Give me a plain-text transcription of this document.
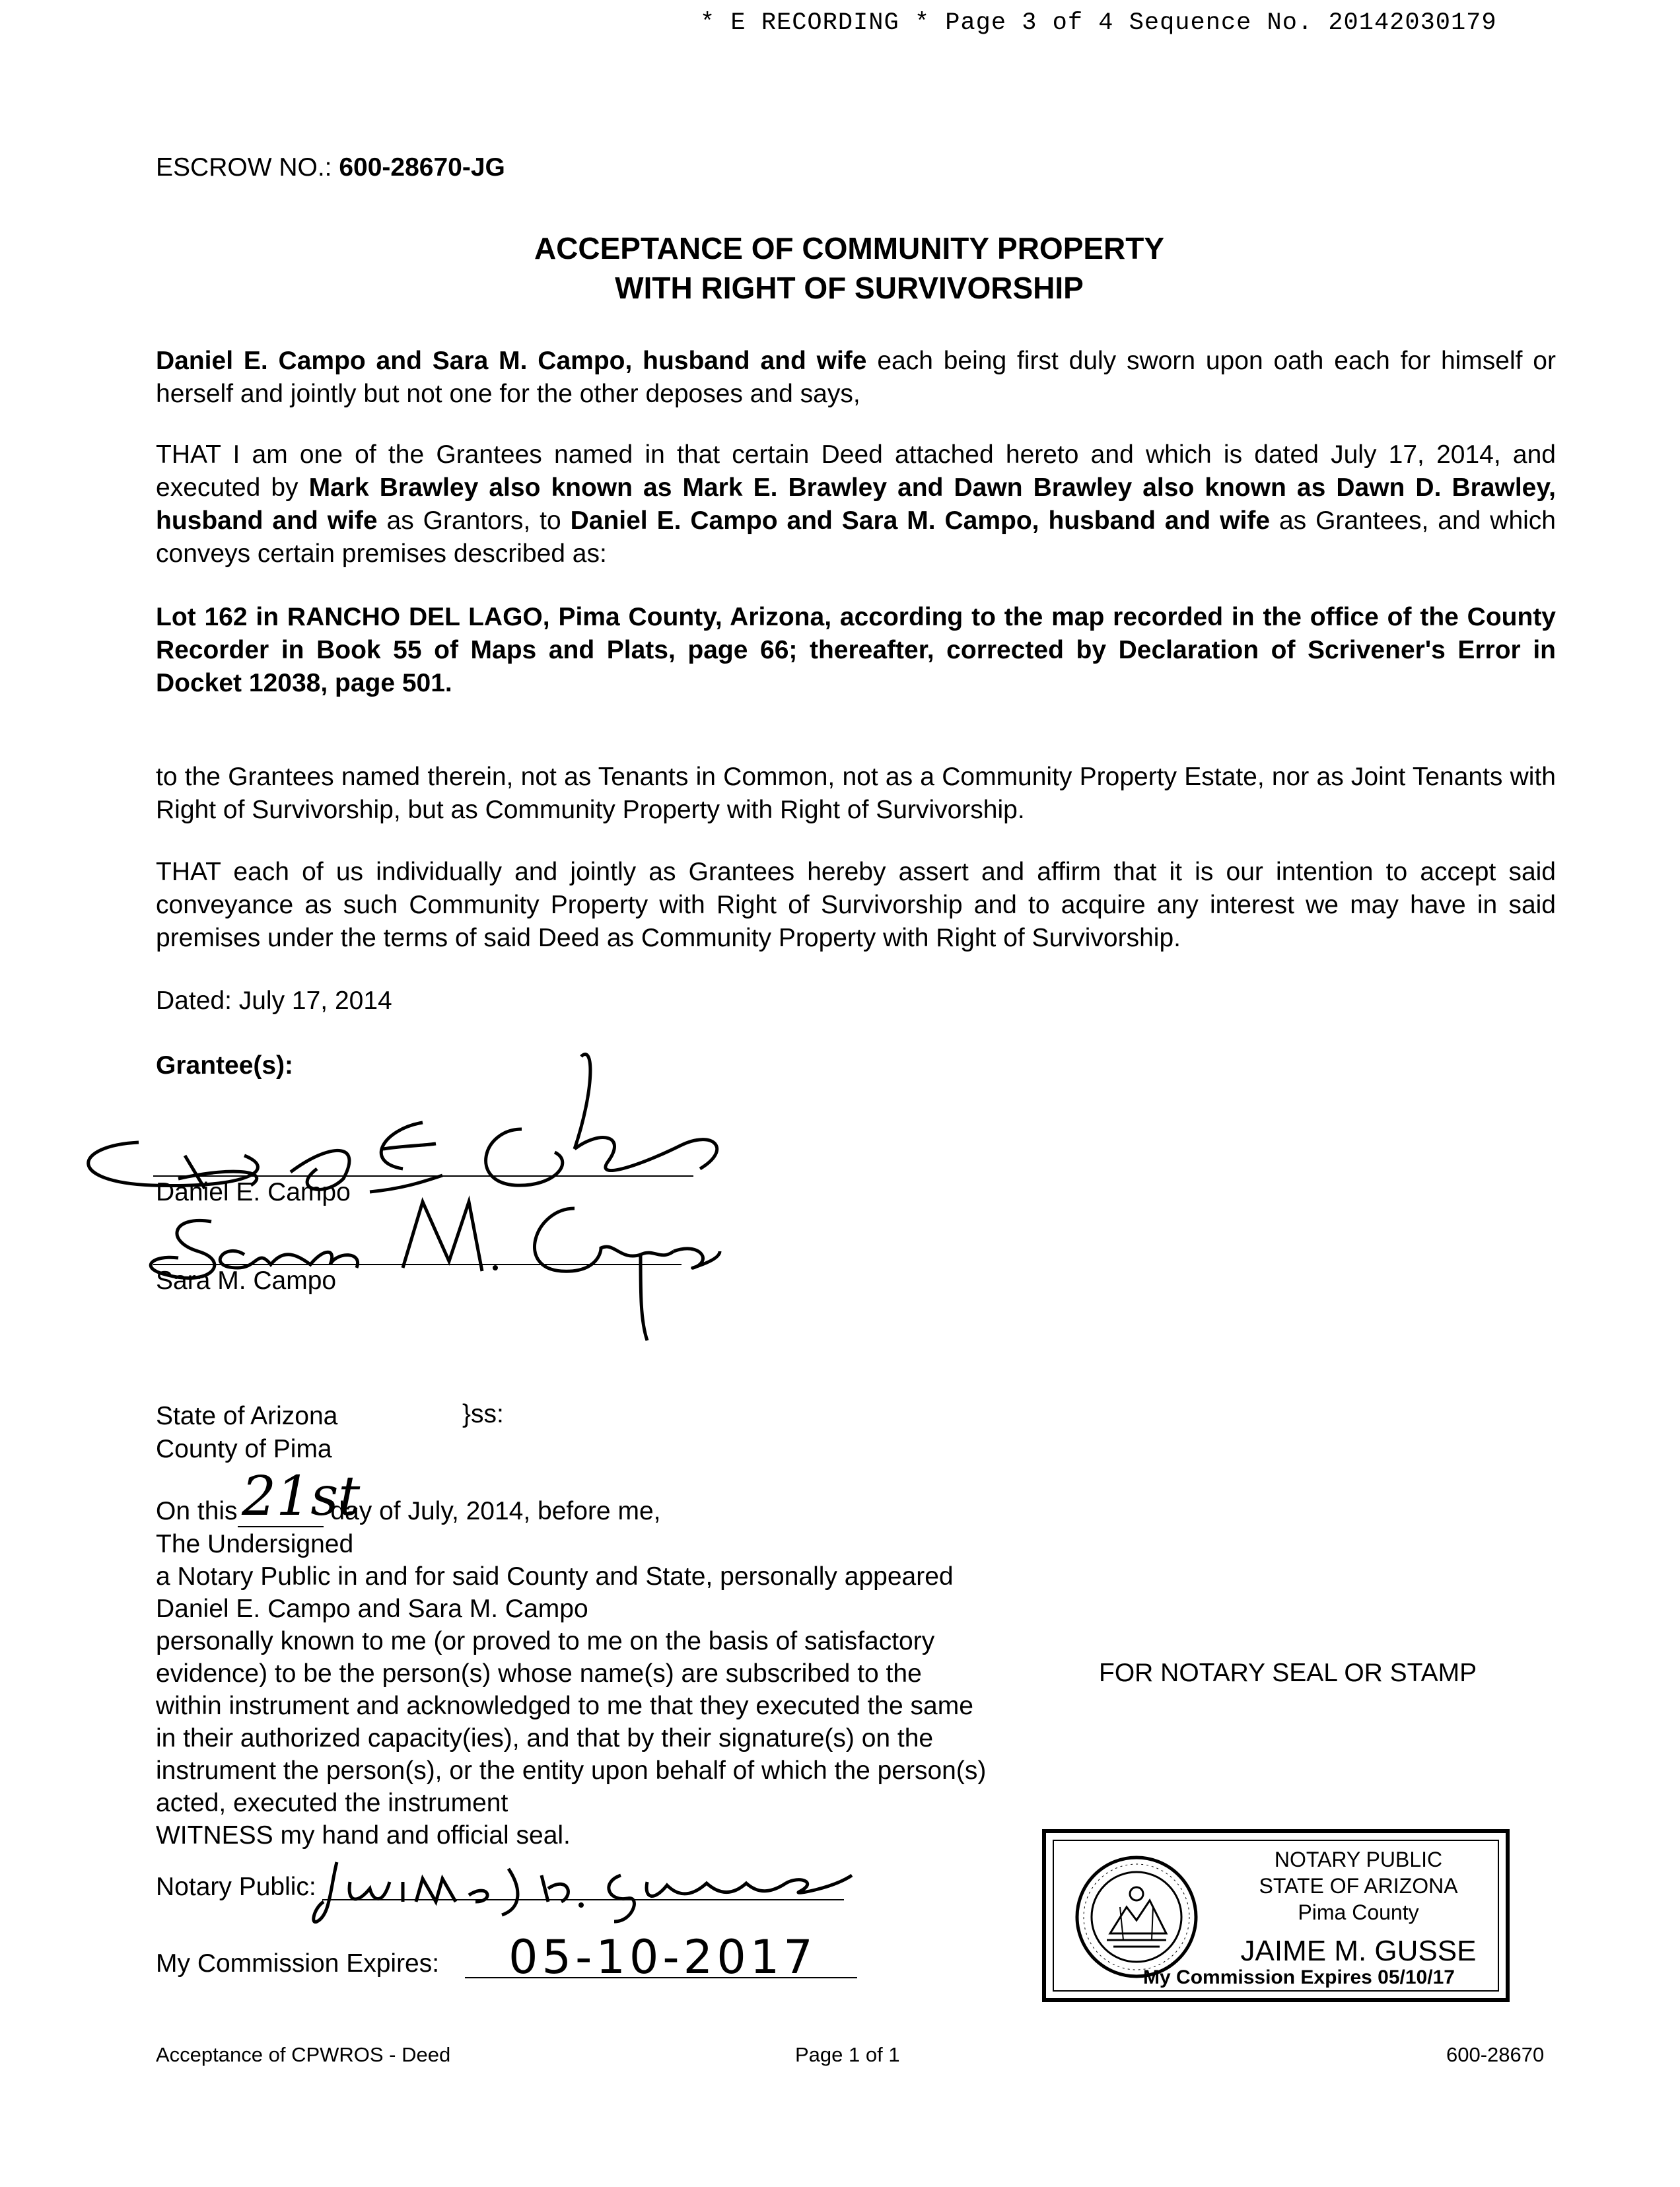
* E RECORDING * Page 3 of 4 Sequence No. 20142030179
ESCROW NO.: 600-28670-JG
ACCEPTANCE OF COMMUNITY PROPERTY
WITH RIGHT OF SURVIVORSHIP
Daniel E. Campo and Sara M. Campo, husband and wife each being first duly sworn upon oath each for himself or herself and jointly but not one for the other deposes and says,
THAT I am one of the Grantees named in that certain Deed attached hereto and which is dated July 17, 2014, and executed by Mark Brawley also known as Mark E. Brawley and Dawn Brawley also known as Dawn D. Brawley, husband and wife as Grantors, to Daniel E. Campo and Sara M. Campo, husband and wife as Grantees, and which conveys certain premises described as:
Lot 162 in RANCHO DEL LAGO, Pima County, Arizona, according to the map recorded in the office of the County Recorder in Book 55 of Maps and Plats, page 66; thereafter, corrected by Declaration of Scrivener's Error in Docket 12038, page 501.
to the Grantees named therein, not as Tenants in Common, not as a Community Property Estate, nor as Joint Tenants with Right of Survivorship, but as Community Property with Right of Survivorship.
THAT each of us individually and jointly as Grantees hereby assert and affirm that it is our intention to accept said conveyance as such Community Property with Right of Survivorship and to acquire any interest we may have in said premises under the terms of said Deed as Community Property with Right of Survivorship.
Dated: July 17, 2014
Grantee(s):
Daniel E. Campo
Sara M. Campo
State of Arizona	}ss:
County of Pima
On this	day of July, 2014, before me,
21st
The Undersigned
a Notary Public in and for said County and State, personally appeared
Daniel E. Campo and Sara M. Campo
personally known to me (or proved to me on the basis of satisfactory
evidence) to be the person(s) whose name(s) are subscribed to the
within instrument and acknowledged to me that they executed the same
in their authorized capacity(ies), and that by their signature(s) on the
instrument the person(s), or the entity upon behalf of which the person(s)
acted, executed the instrument
WITNESS my hand and official seal.
FOR NOTARY SEAL OR STAMP
Notary Public:
My Commission Expires: 05-10-2017
NOTARY PUBLIC
STATE OF ARIZONA
Pima County
JAIME M. GUSSE
My Commission Expires 05/10/17
Acceptance of CPWROS - Deed	Page 1 of 1	600-28670
